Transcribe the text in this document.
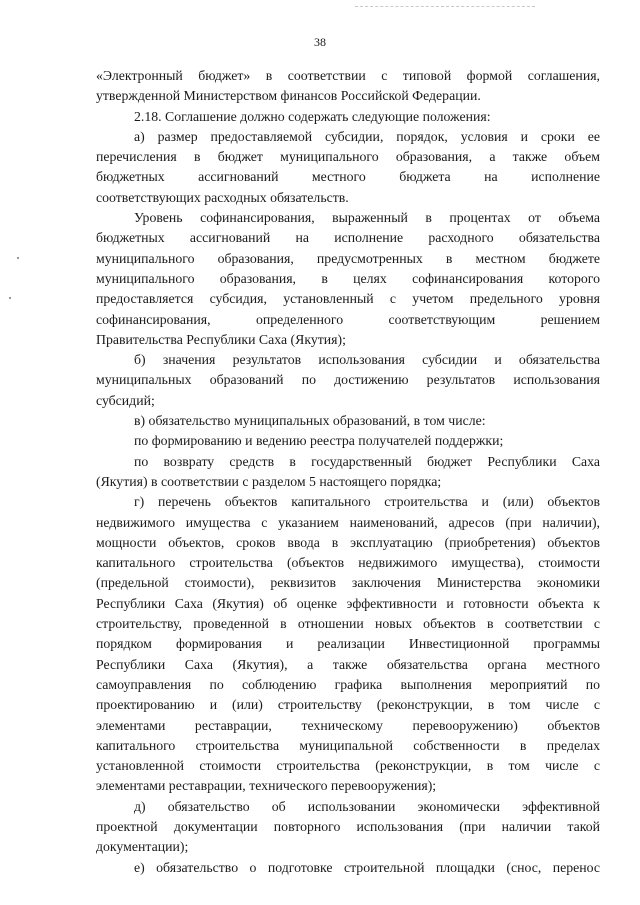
38
«Электронный бюджет» в соответствии с типовой формой соглашения,
утвержденной Министерством финансов Российской Федерации.
2.18. Соглашение должно содержать следующие положения:
а) размер предоставляемой субсидии, порядок, условия и сроки ее
перечисления в бюджет муниципального образования, а также объем
бюджетных ассигнований местного бюджета на исполнение
соответствующих расходных обязательств.
Уровень софинансирования, выраженный в процентах от объема
бюджетных ассигнований на исполнение расходного обязательства
муниципального образования, предусмотренных в местном бюджете
муниципального образования, в целях софинансирования которого
предоставляется субсидия, установленный с учетом предельного уровня
софинансирования, определенного соответствующим решением
Правительства Республики Саха (Якутия);
б) значения результатов использования субсидии и обязательства
муниципальных образований по достижению результатов использования
субсидий;
в) обязательство муниципальных образований, в том числе:
по формированию и ведению реестра получателей поддержки;
по возврату средств в государственный бюджет Республики Саха
(Якутия) в соответствии с разделом 5 настоящего порядка;
г) перечень объектов капитального строительства и (или) объектов
недвижимого имущества с указанием наименований, адресов (при наличии),
мощности объектов, сроков ввода в эксплуатацию (приобретения) объектов
капитального строительства (объектов недвижимого имущества), стоимости
(предельной стоимости), реквизитов заключения Министерства экономики
Республики Саха (Якутия) об оценке эффективности и готовности объекта к
строительству, проведенной в отношении новых объектов в соответствии с
порядком формирования и реализации Инвестиционной программы
Республики Саха (Якутия), а также обязательства органа местного
самоуправления по соблюдению графика выполнения мероприятий по
проектированию и (или) строительству (реконструкции, в том числе с
элементами реставрации, техническому перевооружению) объектов
капитального строительства муниципальной собственности в пределах
установленной стоимости строительства (реконструкции, в том числе с
элементами реставрации, технического перевооружения);
д) обязательство об использовании экономически эффективной
проектной документации повторного использования (при наличии такой
документации);
е) обязательство о подготовке строительной площадки (снос, перенос
